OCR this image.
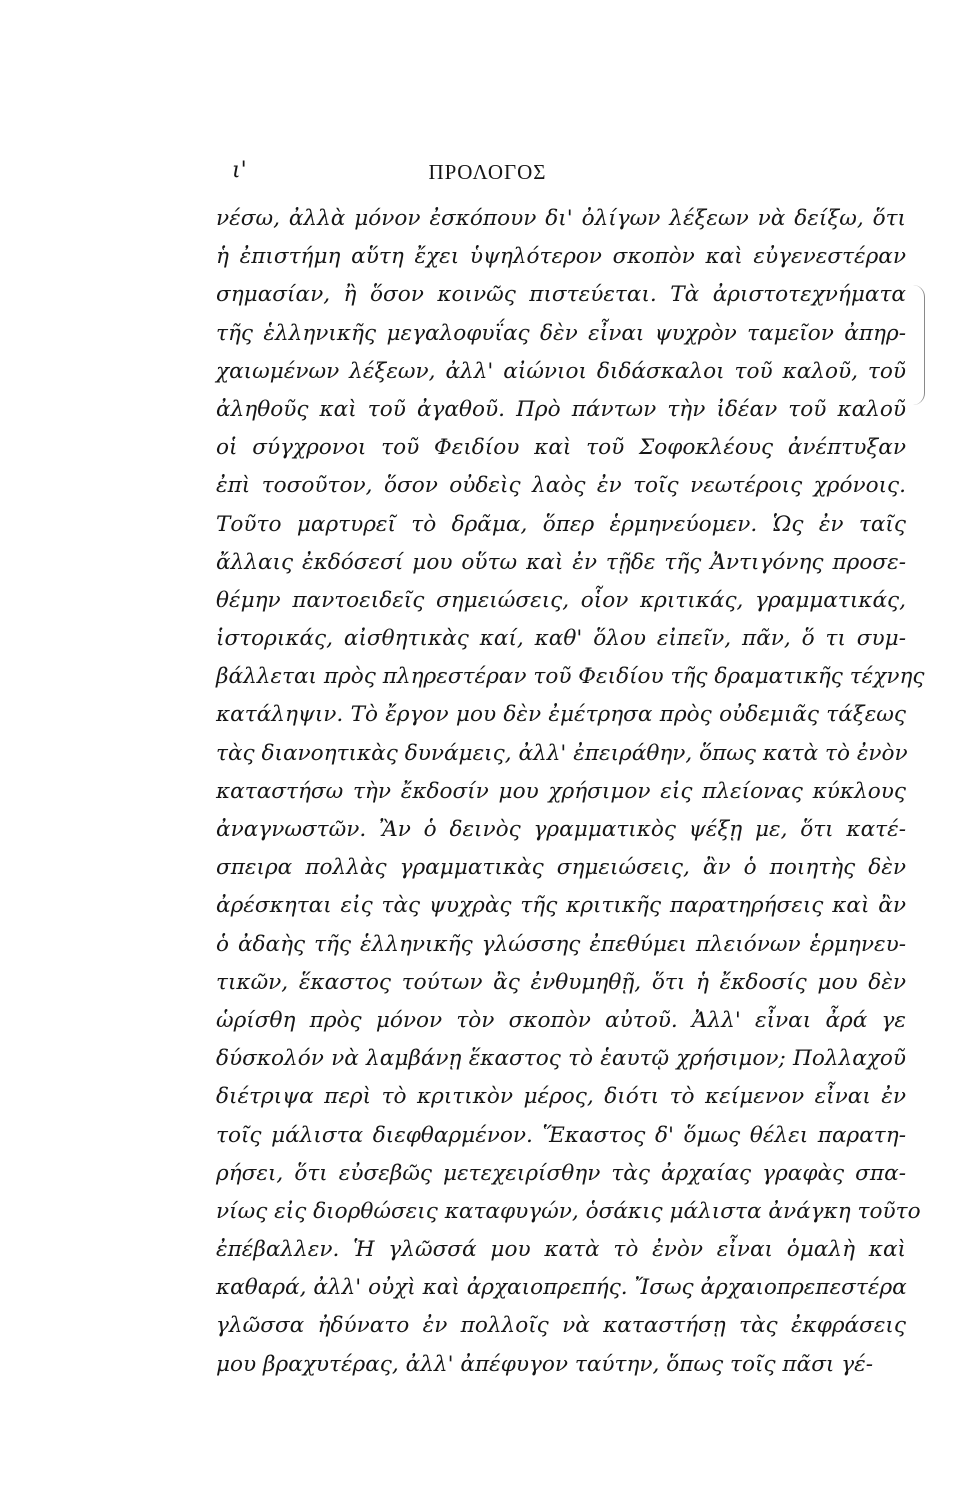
ι'	ΠΡΟΛΟΓΟΣ
νέσω, ἀλλὰ μόνον ἐσκόπουν δι' ὀλίγων λέξεων νὰ δείξω, ὅτι
ἡ ἐπιστήμη αὕτη ἔχει ὑψηλότερον σκοπὸν καὶ εὐγενεστέραν
σημασίαν, ἢ ὅσον κοινῶς πιστεύεται. Τὰ ἀριστοτεχνήματα
τῆς ἑλληνικῆς μεγαλοφυΐας δὲν εἶναι ψυχρὸν ταμεῖον ἀπηρ-
χαιωμένων λέξεων, ἀλλ' αἰώνιοι διδάσκαλοι τοῦ καλοῦ, τοῦ
ἀληθοῦς καὶ τοῦ ἀγαθοῦ. Πρὸ πάντων τὴν ἰδέαν τοῦ καλοῦ
οἱ σύγχρονοι τοῦ Φειδίου καὶ τοῦ Σοφοκλέους ἀνέπτυξαν
ἐπὶ τοσοῦτον, ὅσον οὐδεὶς λαὸς ἐν τοῖς νεωτέροις χρόνοις.
Τοῦτο μαρτυρεῖ τὸ δρᾶμα, ὅπερ ἑρμηνεύομεν. Ὡς ἐν ταῖς
ἄλλαις ἐκδόσεσί μου οὕτω καὶ ἐν τῇδε τῆς Ἀντιγόνης προσε-
θέμην παντοειδεῖς σημειώσεις, οἷον κριτικάς, γραμματικάς,
ἱστορικάς, αἰσθητικὰς καί, καθ' ὅλου εἰπεῖν, πᾶν, ὅ τι συμ-
βάλλεται πρὸς πληρεστέραν τοῦ Φειδίου τῆς δραματικῆς τέχνης
κατάληψιν. Τὸ ἔργον μου δὲν ἐμέτρησα πρὸς οὐδεμιᾶς τάξεως
τὰς διανοητικὰς δυνάμεις, ἀλλ' ἐπειράθην, ὅπως κατὰ τὸ ἐνὸν
καταστήσω τὴν ἔκδοσίν μου χρήσιμον εἰς πλείονας κύκλους
ἀναγνωστῶν. Ἂν ὁ δεινὸς γραμματικὸς ψέξῃ με, ὅτι κατέ-
σπειρα πολλὰς γραμματικὰς σημειώσεις, ἂν ὁ ποιητὴς δὲν
ἀρέσκηται εἰς τὰς ψυχρὰς τῆς κριτικῆς παρατηρήσεις καὶ ἂν
ὁ ἀδαὴς τῆς ἑλληνικῆς γλώσσης ἐπεθύμει πλειόνων ἑρμηνευ-
τικῶν, ἕκαστος τούτων ἂς ἐνθυμηθῇ, ὅτι ἡ ἔκδοσίς μου δὲν
ὡρίσθη πρὸς μόνον τὸν σκοπὸν αὐτοῦ. Ἀλλ' εἶναι ἆρά γε
δύσκολόν νὰ λαμβάνῃ ἕκαστος τὸ ἑαυτῷ χρήσιμον; Πολλαχοῦ
διέτριψα περὶ τὸ κριτικὸν μέρος, διότι τὸ κείμενον εἶναι ἐν
τοῖς μάλιστα διεφθαρμένον. Ἕκαστος δ' ὅμως θέλει παρατη-
ρήσει, ὅτι εὐσεβῶς μετεχειρίσθην τὰς ἀρχαίας γραφὰς σπα-
νίως εἰς διορθώσεις καταφυγών, ὁσάκις μάλιστα ἀνάγκη τοῦτο
ἐπέβαλλεν. Ἡ γλῶσσά μου κατὰ τὸ ἐνὸν εἶναι ὁμαλὴ καὶ
καθαρά, ἀλλ' οὐχὶ καὶ ἀρχαιοπρεπής. Ἴσως ἀρχαιοπρεπεστέρα
γλῶσσα ἠδύνατο ἐν πολλοῖς νὰ καταστήσῃ τὰς ἐκφράσεις
μου βραχυτέρας, ἀλλ' ἀπέφυγον ταύτην, ὅπως τοῖς πᾶσι γέ-
